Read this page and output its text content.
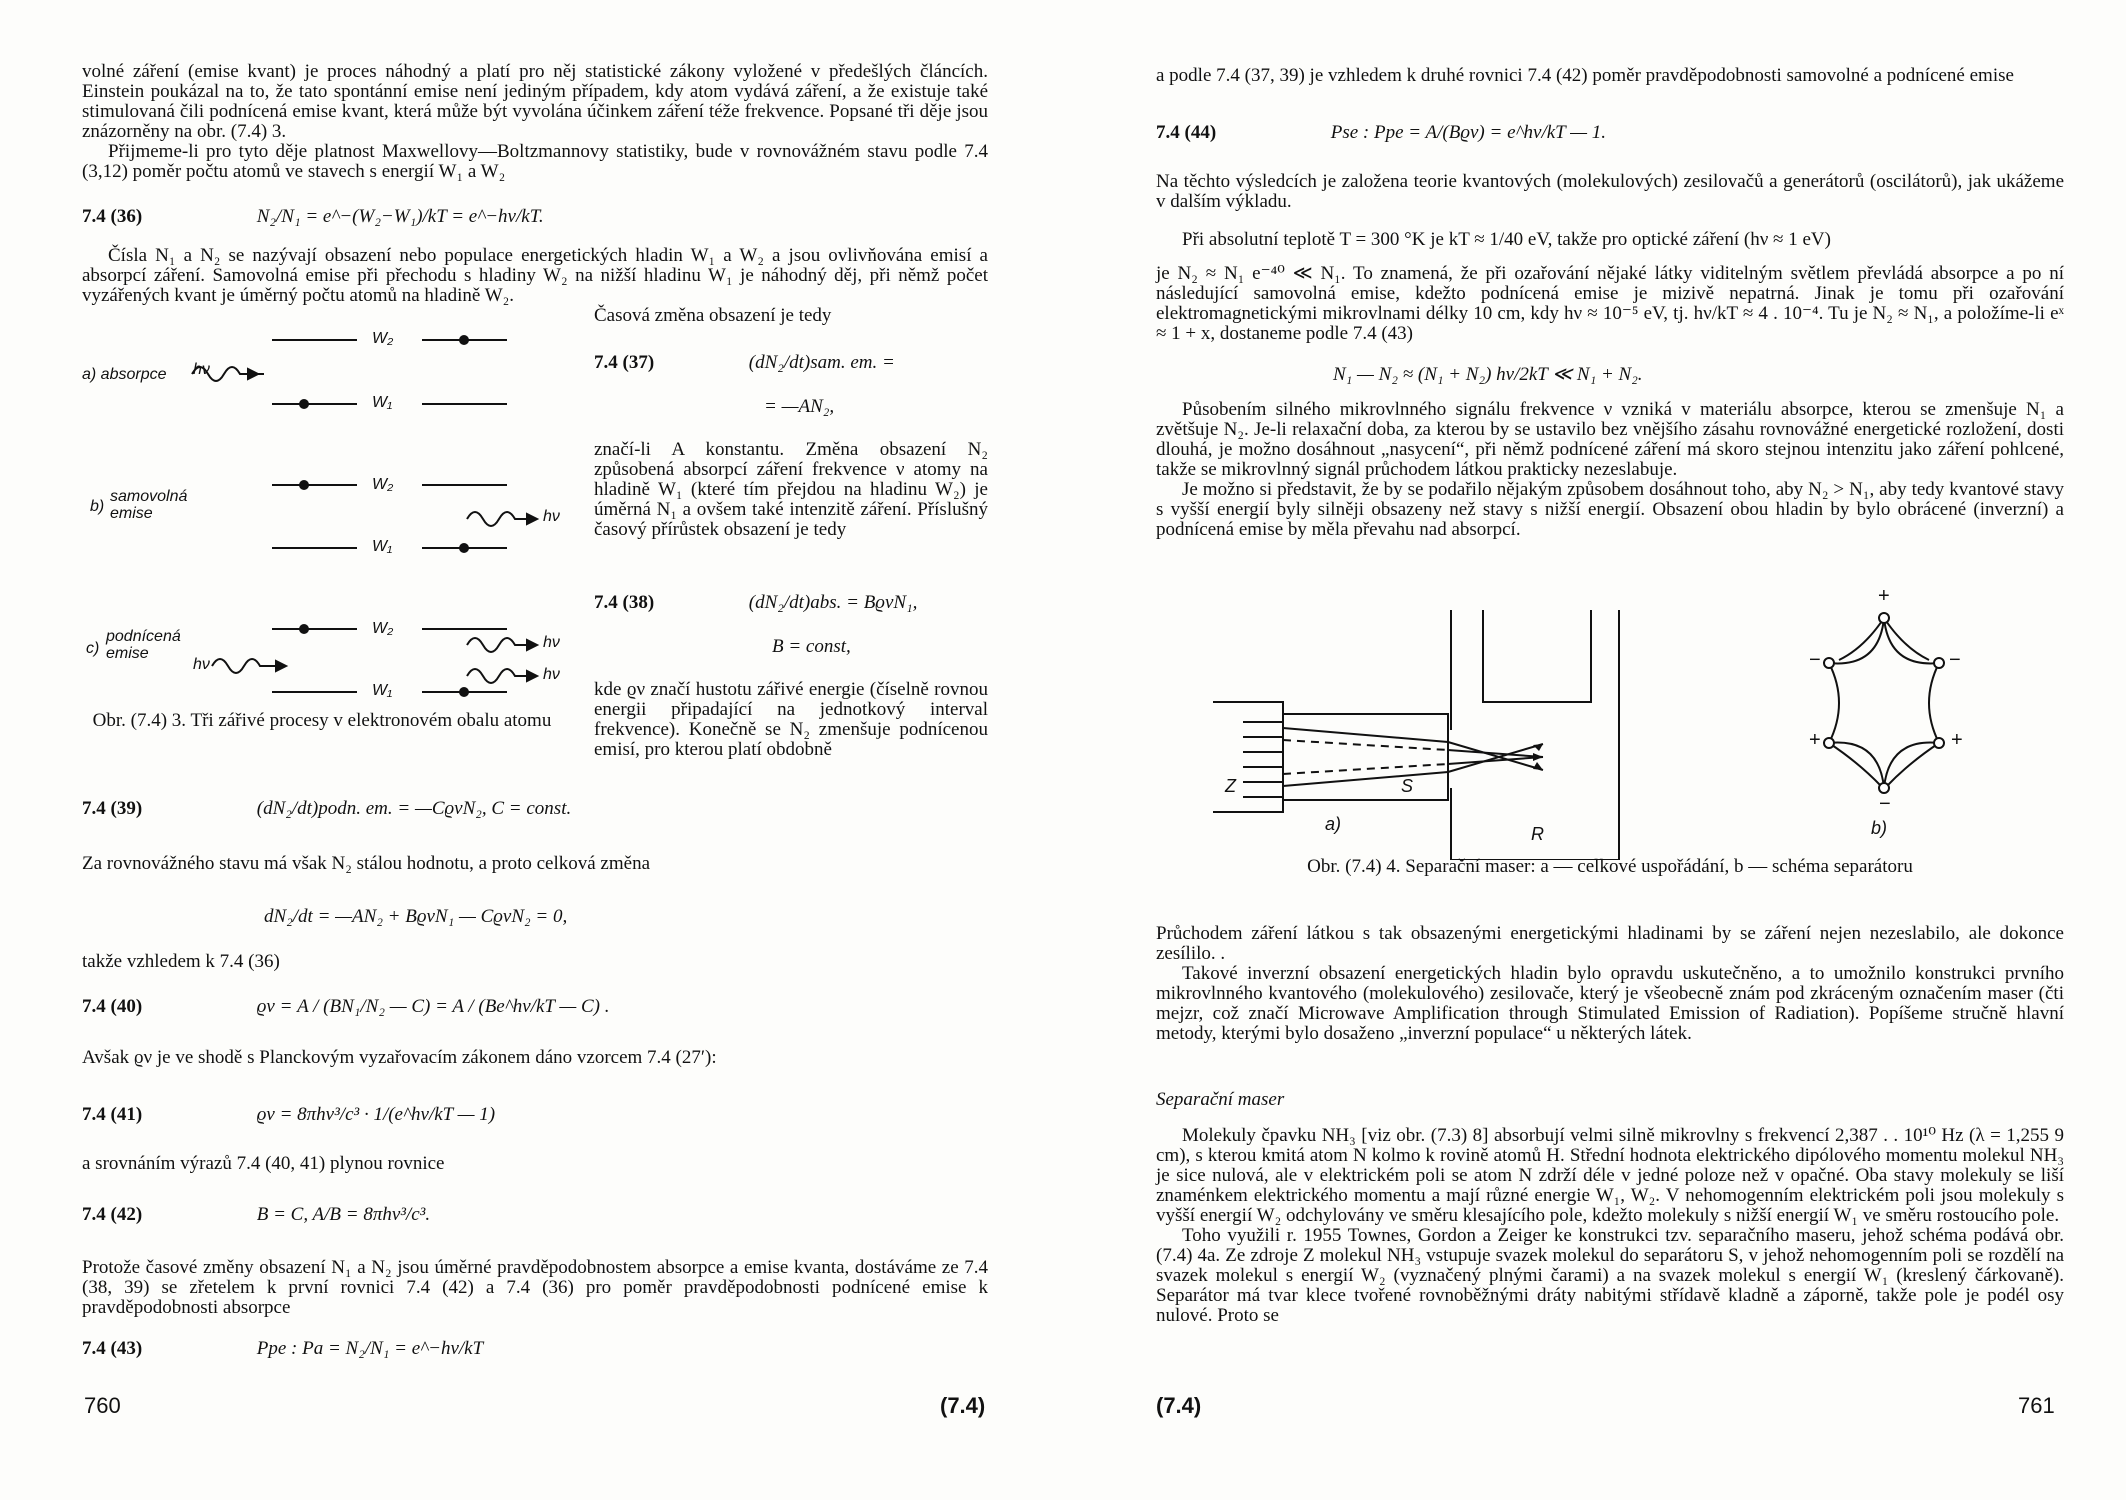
volné záření (emise kvant) je proces náhodný a platí pro něj statistické zákony vyložené v předešlých článcích. Einstein poukázal na to, že tato spontánní emise není jediným případem, kdy atom vydává záření, a že existuje také stimulovaná čili podnícená emise kvant, která může být vyvolána účinkem záření téže frekvence. Popsané tři děje jsou znázorněny na obr. (7.4) 3.

Přijmeme-li pro tyto děje platnost Maxwellovy—Boltzmannovy statistiky, bude v rovnovážném stavu podle 7.4 (3,12) poměr počtu atomů ve stavech s energií W₁ a W₂

7.4 (36)	N₂/N₁ = e^−(W₂−W₁)/kT = e^−hν/kT.

Čísla N₁ a N₂ se nazývají obsazení nebo populace energetických hladin W₁ a W₂ a jsou ovlivňována emisí a absorpcí záření. Samovolná emise při přechodu s hladiny W₂ na nižší hladinu W₁ je náhodný děj, při němž počet vyzářených kvant je úměrný počtu atomů na hladině W₂.

a) absorpce hν
W₂
W₁
b)
samovolná
emise
W₂
W₁
hν
c)
podnícená
emise
hν
W₂
W₁
hν
hν
Obr. (7.4) 3. Tři zářivé procesy v elektronovém obalu atomu

Časová změna obsazení je tedy

7.4 (37)	(dN₂/dt)sam. em. =
= —AN₂,

značí-li A konstantu. Změna obsazení N₂ způsobená absorpcí záření frekvence ν atomy na hladině W₁ (které tím přejdou na hladinu W₂) je úměrná N₁ a ovšem také intenzitě záření. Příslušný časový přírůstek obsazení je tedy

7.4 (38)	(dN₂/dt)abs. = BϱνN₁,
B = const,

kde ϱν značí hustotu zářivé energie (číselně rovnou energii připadající na jednotkový interval frekvence). Konečně se N₂ zmenšuje podnícenou emisí, pro kterou platí obdobně

7.4 (39)	(dN₂/dt)podn. em. = —CϱνN₂, C = const.

Za rovnovážného stavu má však N₂ stálou hodnotu, a proto celková změna

dN₂/dt = —AN₂ + BϱνN₁ — CϱνN₂ = 0,

takže vzhledem k 7.4 (36)

7.4 (40)	ϱν = A / (BN₁/N₂ — C) = A / (Be^hν/kT — C) .

Avšak ϱν je ve shodě s Planckovým vyzařovacím zákonem dáno vzorcem 7.4 (27′):

7.4 (41)	ϱν = 8πhν³/c³ · 1/(e^hν/kT — 1)

a srovnáním výrazů 7.4 (40, 41) plynou rovnice

7.4 (42)	B = C, A/B = 8πhν³/c³.

Protože časové změny obsazení N₁ a N₂ jsou úměrné pravděpodobnostem absorpce a emise kvanta, dostáváme ze 7.4 (38, 39) se zřetelem k první rovnici 7.4 (42) a 7.4 (36) pro poměr pravděpodobnosti podnícené emise k pravděpodobnosti absorpce

7.4 (43)	Ppe : Pa = N₂/N₁ = e^−hν/kT
760	(7.4)

a podle 7.4 (37, 39) je vzhledem k druhé rovnici 7.4 (42) poměr pravděpodobnosti samovolné a podnícené emise

7.4 (44)	Pse : Ppe = A/(Bϱν) = e^hν/kT — 1.

Na těchto výsledcích je založena teorie kvantových (molekulových) zesilovačů a generátorů (oscilátorů), jak ukážeme v dalším výkladu.

Při absolutní teplotě T = 300 °K je kT ≈ 1/40 eV, takže pro optické záření (hν ≈ 1 eV)

je N₂ ≈ N₁ e⁻⁴⁰ ≪ N₁. To znamená, že při ozařování nějaké látky viditelným světlem převládá absorpce a po ní následující samovolná emise, kdežto podnícená emise je mizivě nepatrná. Jinak je tomu při ozařování elektromagnetickými mikrovlnami délky 10 cm, kdy hν ≈ 10⁻⁵ eV, tj. hν/kT ≈ 4 . 10⁻⁴. Tu je N₂ ≈ N₁, a položíme-li eˣ ≈ 1 + x, dostaneme podle 7.4 (43)

N₁ — N₂ ≈ (N₁ + N₂) hν/2kT ≪ N₁ + N₂.

Působením silného mikrovlnného signálu frekvence ν vzniká v materiálu absorpce, kterou se zmenšuje N₁ a zvětšuje N₂. Je-li relaxační doba, za kterou by se ustavilo bez vnějšího zásahu rovnovážné energetické rozložení, dosti dlouhá, je možno dosáhnout „nasycení“, při němž podnícené záření má skoro stejnou intenzitu jako záření pohlcené, takže se mikrovlnný signál průchodem látkou prakticky nezeslabuje.

Je možno si představit, že by se podařilo nějakým způsobem dosáhnout toho, aby N₂ > N₁, aby tedy kvantové stavy s vyšší energií byly silněji obsazeny než stavy s nižší energií. Obsazení obou hladin by bylo obrácené (inverzní) a podnícená emise by měla převahu nad absorpcí.

Z	S
R
a)
+
−	−
+	+
−
b)
Obr. (7.4) 4. Separační maser: a — celkové uspořádání, b — schéma separátoru

Průchodem záření látkou s tak obsazenými energetickými hladinami by se záření nejen nezeslabilo, ale dokonce zesílilo. .

Takové inverzní obsazení energetických hladin bylo opravdu uskutečněno, a to umožnilo konstrukci prvního mikrovlnného kvantového (molekulového) zesilovače, který je všeobecně znám pod zkráceným označením maser (čti mejzr, což značí Microwave Amplification through Stimulated Emission of Radiation). Popíšeme stručně hlavní metody, kterými bylo dosaženo „inverzní populace“ u některých látek.

Separační maser

Molekuly čpavku NH₃ [viz obr. (7.3) 8] absorbují velmi silně mikrovlny s frekvencí 2,387 . . 10¹⁰ Hz (λ = 1,255 9 cm), s kterou kmitá atom N kolmo k rovině atomů H. Střední hodnota elektrického dipólového momentu molekul NH₃ je sice nulová, ale v elektrickém poli se atom N zdrží déle v jedné poloze než v opačné. Oba stavy molekuly se liší znaménkem elektrického momentu a mají různé energie W₁, W₂. V nehomogenním elektrickém poli jsou molekuly s vyšší energií W₂ odchylovány ve směru klesajícího pole, kdežto molekuly s nižší energií W₁ ve směru rostoucího pole.

Toho využili r. 1955 Townes, Gordon a Zeiger ke konstrukci tzv. separačního maseru, jehož schéma podává obr. (7.4) 4a. Ze zdroje Z molekul NH₃ vstupuje svazek molekul do separátoru S, v jehož nehomogenním poli se rozdělí na svazek molekul s energií W₂ (vyznačený plnými čarami) a na svazek molekul s energií W₁ (kreslený čárkovaně). Separátor má tvar klece tvořené rovnoběžnými dráty nabitými střídavě kladně a záporně, takže pole je podél osy nulové. Proto se

(7.4)	761
